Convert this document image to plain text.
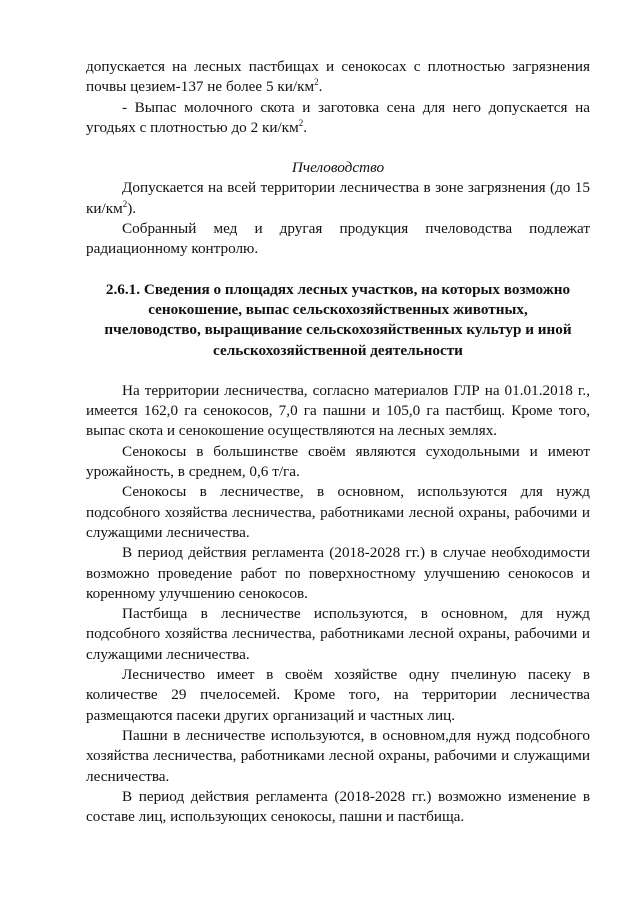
допускается на лесных пастбищах и сенокосах с плотностью загрязнения почвы цезием-137 не более 5 $ки/км^2$.

- Выпас молочного скота и заготовка сена для него допускается на угодьях с плотностью до 2 $ки/км^2$.

Пчеловодство

Допускается на всей территории лесничества в зоне загрязнения (до 15 $ки/км^2$).

Собранный мед и другая продукция пчеловодства подлежат радиационному контролю.

2.6.1. Сведения о площадях лесных участков, на которых возможно сенокошение, выпас сельскохозяйственных животных, пчеловодство, выращивание сельскохозяйственных культур и иной сельскохозяйственной деятельности

На территории лесничества, согласно материалов ГЛР на 01.01.2018 г., имеется 162,0 га сенокосов, 7,0 га пашни и 105,0 га пастбищ. Кроме того, выпас скота и сенокошение осуществляются на лесных землях.

Сенокосы в большинстве своём являются суходольными и имеют урожайность, в среднем, 0,6 т/га.

Сенокосы в лесничестве, в основном, используются для нужд подсобного хозяйства лесничества, работниками лесной охраны, рабочими и служащими лесничества.

В период действия регламента (2018-2028 гг.) в случае необходимости возможно проведение работ по поверхностному улучшению сенокосов и коренному улучшению сенокосов.

Пастбища в лесничестве используются, в основном, для нужд подсобного хозяйства лесничества, работниками лесной охраны, рабочими и служащими лесничества.

Лесничество имеет в своём хозяйстве одну пчелиную пасеку в количестве 29 пчелосемей. Кроме того, на территории лесничества размещаются пасеки других организаций и частных лиц.

Пашни в лесничестве используются, в основном,для нужд подсобного хозяйства лесничества, работниками лесной охраны, рабочими и служащими лесничества.

В период действия регламента (2018-2028 гг.) возможно изменение в составе лиц, использующих сенокосы, пашни и пастбища.
